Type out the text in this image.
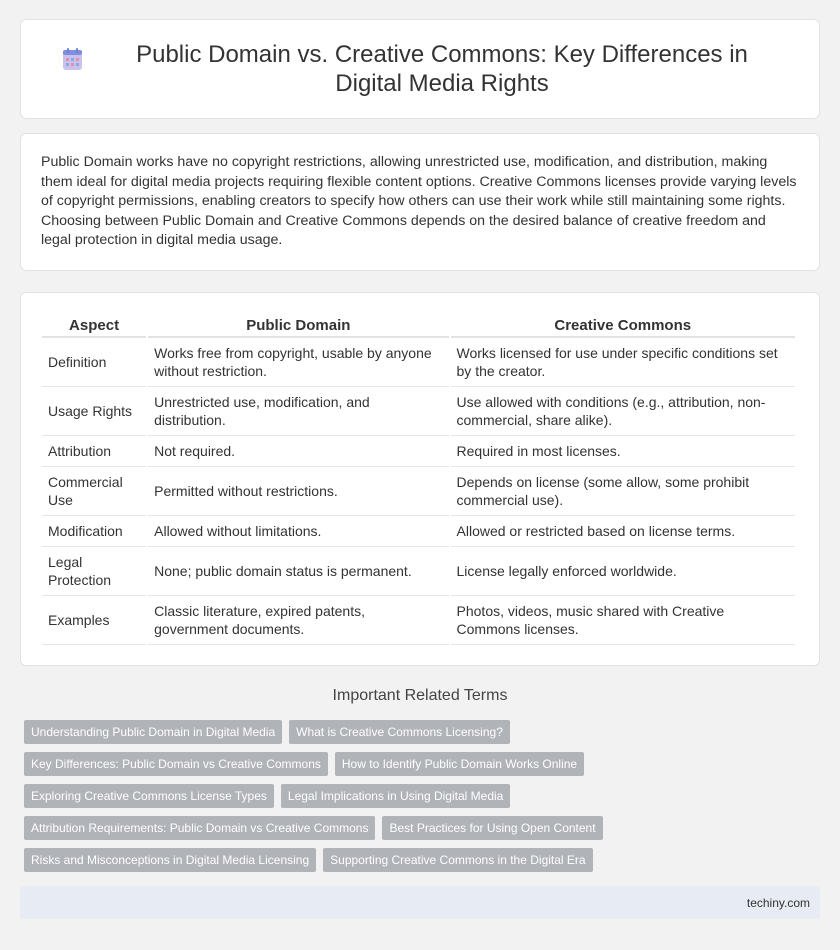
Public Domain vs. Creative Commons: Key Differences in Digital Media Rights

Public Domain works have no copyright restrictions, allowing unrestricted use, modification, and distribution, making them ideal for digital media projects requiring flexible content options. Creative Commons licenses provide varying levels of copyright permissions, enabling creators to specify how others can use their work while still maintaining some rights. Choosing between Public Domain and Creative Commons depends on the desired balance of creative freedom and legal protection in digital media usage.

Aspect	Public Domain	Creative Commons
Definition	Works free from copyright, usable by anyone without restriction.	Works licensed for use under specific conditions set by the creator.
Usage Rights	Unrestricted use, modification, and distribution.	Use allowed with conditions (e.g., attribution, non-commercial, share alike).
Attribution	Not required.	Required in most licenses.
Commercial Use	Permitted without restrictions.	Depends on license (some allow, some prohibit commercial use).
Modification	Allowed without limitations.	Allowed or restricted based on license terms.
Legal Protection	None; public domain status is permanent.	License legally enforced worldwide.
Examples	Classic literature, expired patents, government documents.	Photos, videos, music shared with Creative Commons licenses.
Important Related Terms
Understanding Public Domain in Digital Media	What is Creative Commons Licensing?
Key Differences: Public Domain vs Creative Commons	How to Identify Public Domain Works Online
Exploring Creative Commons License Types	Legal Implications in Using Digital Media
Attribution Requirements: Public Domain vs Creative Commons	Best Practices for Using Open Content
Risks and Misconceptions in Digital Media Licensing	Supporting Creative Commons in the Digital Era
techiny.com
